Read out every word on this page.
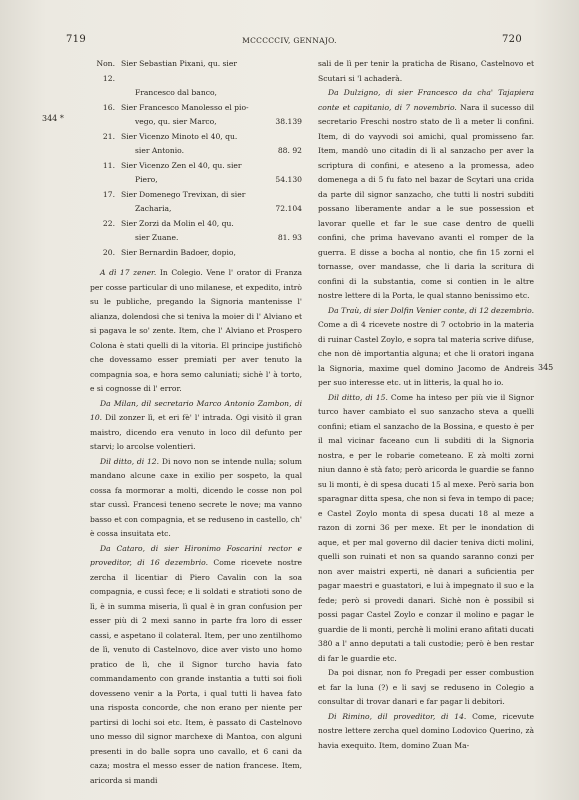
719	MCCCCCIV, GENNAJO.	720
344 *
345
Non. 12.
Sier Sebastian Pixani, qu. sier
Francesco dal banco,
16. Sier Francesco Manolesso el pio-
vego, qu. sier Marco,	38.139
21. Sier Vicenzo Minoto el 40, qu.
sier Antonio.	88. 92
11. Sier Vicenzo Zen el 40, qu. sier
Piero,	54.130
17. Sier Domenego Trevixan, di sier
Zacharia,	72.104
22. Sier Zorzi da Molin el 40, qu.
sier Zuane.	81. 93
20. Sier Bernardin Badoer, dopio,

A dì 17 zener. In Colegio. Vene l' orator di Franza per cosse particular di uno milanese, et expedito, intrò su le publiche, pregando la Signoria mantenisse l' alianza, dolendosi che si teniva la moier di l' Alviano et si pagava le so' zente. Item, che l' Alviano et Prospero Colona è stati quelli di la vitoria. El principe justifichò che dovessamo esser premiati per aver tenuto la compagnia soa, e hora semo caluniati; sichè l' à torto, e si cognosse di l' error.

Da Milan, dil secretario Marco Antonio Zambon, di 10. Dil zonzer lì, et eri fè' l' intrada. Ogi visitò il gran maistro, dicendo era venuto in loco dil defunto per starvi; lo arcolse volentieri.

Dil ditto, di 12. Di novo non se intende nulla; solum mandano alcune caxe in exilio per sospeto, la qual cossa fa mormorar a molti, dicendo le cosse non pol star cussì. Francesi teneno secrete le nove; ma vanno basso et con compagnia, et se reduseno in castello, ch' è cossa insuitata etc.

Da Cataro, di sier Hironimo Foscarini rector e proveditor, di 16 dezembrio. Come ricevete nostre zercha il licentiar di Piero Cavalin con la soa compagnia, e cussì fece; e li soldati e stratioti sono de lì, è in summa miseria, lì qual è in gran confusion per esser più di 2 mexi sanno in parte fra loro di esser cassi, e aspetano il colateral. Item, per uno zentilhomo de lì, venuto di Castelnovo, dice aver visto uno homo pratico de lì, che il Signor turcho havia fato commandamento con grande instantia a tutti soi fioli dovesseno venir a la Porta, i qual tutti li havea fato una risposta concorde, che non erano per niente per partirsi di lochi soi etc. Item, è passato di Castelnovo uno messo dil signor marchexe di Mantoa, con alguni presenti in do balle sopra uno cavallo, et 6 cani da caza; mostra el messo esser de nation francese. Item, aricorda si mandi

sali de lì per tenir la praticha de Risano, Castelnovo et Scutari si 'l achaderà.

Da Dulzigno, di sier Francesco da cha' Tajapiera conte et capitanio, di 7 novembrio. Nara il sucesso dil secretario Freschi nostro stato de lì a meter li confini. Item, di do vayvodi soi amichi, qual promisseno far. Item, mandò uno citadin di lì al sanzacho per aver la scriptura di confini, e ateseno a la promessa, adeo domenega a di 5 fu fato nel bazar de Scytari una crida da parte dil signor sanzacho, che tutti li nostri subditi possano liberamente andar a le sue possession et lavorar quelle et far le sue case dentro de quelli confini, che prima havevano avanti el romper de la guerra. E disse a bocha al nontio, che fin 15 zorni el tornasse, over mandasse, che li daria la scritura di confini di la substantia, come si contien in le altre nostre lettere di la Porta, le qual stanno benissimo etc.

Da Traù, di sier Dolfin Venier conte, di 12 dezembrio. Come a dì 4 ricevete nostre di 7 octobrio in la materia di ruinar Castel Zoylo, e sopra tal materia scrive difuse, che non dè importantia alguna; et che li oratori ingana la Signoria, maxime quel domino Jacomo de Andreis per suo interesse etc. ut in litteris, la qual ho io.

Dil ditto, di 15. Come ha inteso per più vie il Signor turco haver cambiato el suo sanzacho steva a quelli confini; etiam el sanzacho de la Bossina, e questo è per il mal vicinar faceano cun li subditi di la Signoria nostra, e per le robarie cometeano. E zà molti zorni niun danno è stà fato; però aricorda le guardie se fanno su li monti, è di spesa ducati 15 al mexe. Però saria bon sparagnar ditta spesa, che non si feva in tempo di pace; e Castel Zoylo monta di spesa ducati 18 al meze a razon di zorni 36 per mexe. Et per le inondation di aque, et per mal governo dil dacier teniva dicti molini, quelli son ruinati et non sa quando saranno conzi per non aver maistri experti, nè danari a suficientia per pagar maestri e guastatori, e lui à impegnato il suo e la fede; però si provedi danari. Sichè non è possibil si possi pagar Castel Zoylo e conzar il molino e pagar le guardie de li monti, perchè li molini erano afitati ducati 380 a l' anno deputati a tali custodie; però è ben restar di far le guardie etc.

Da poi disnar, non fo Pregadi per esser combustion et far la luna (?) e li savj se reduseno in Colegio a consultar di trovar danari e far pagar li debitori.

Di Rimino, dil proveditor, di 14. Come, ricevute nostre lettere zercha quel domino Lodovico Querino, zà havia exequito. Item, domino Zuan Ma-
